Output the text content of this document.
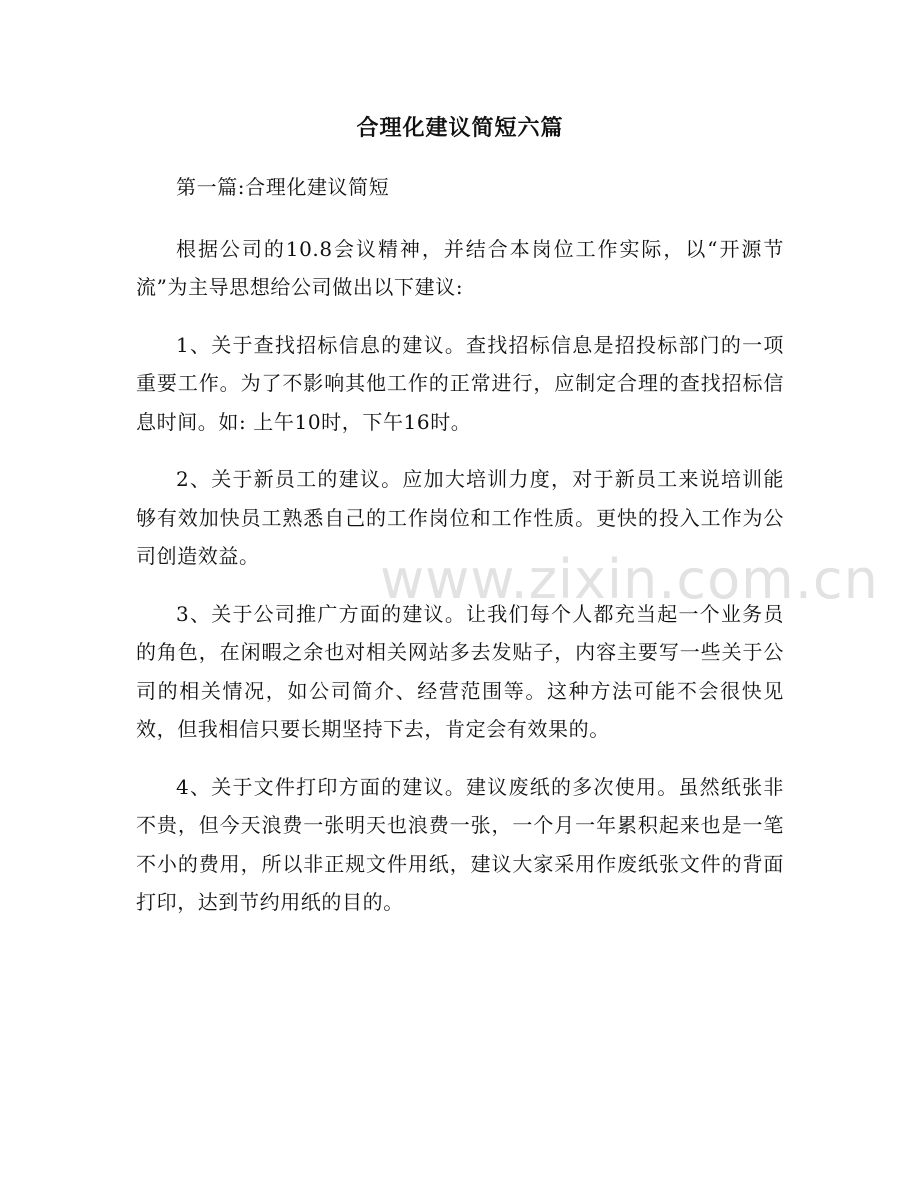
合理化建议简短六篇

第一篇:合理化建议简短

根据公司的10.8会议精神，并结合本岗位工作实际，以“开源节流”为主导思想给公司做出以下建议:

1、关于查找招标信息的建议。查找招标信息是招投标部门的一项重要工作。为了不影响其他工作的正常进行，应制定合理的查找招标信息时间。如: 上午10时，下午16时。

2、关于新员工的建议。应加大培训力度，对于新员工来说培训能够有效加快员工熟悉自己的工作岗位和工作性质。更快的投入工作为公司创造效益。

3、关于公司推广方面的建议。让我们每个人都充当起一个业务员的角色，在闲暇之余也对相关网站多去发贴子，内容主要写一些关于公司的相关情况，如公司简介、经营范围等。这种方法可能不会很快见效，但我相信只要长期坚持下去，肯定会有效果的。

4、关于文件打印方面的建议。建议废纸的多次使用。虽然纸张非不贵，但今天浪费一张明天也浪费一张，一个月一年累积起来也是一笔不小的费用，所以非正规文件用纸，建议大家采用作废纸张文件的背面打印，达到节约用纸的目的。

www.zixin.com.cn
